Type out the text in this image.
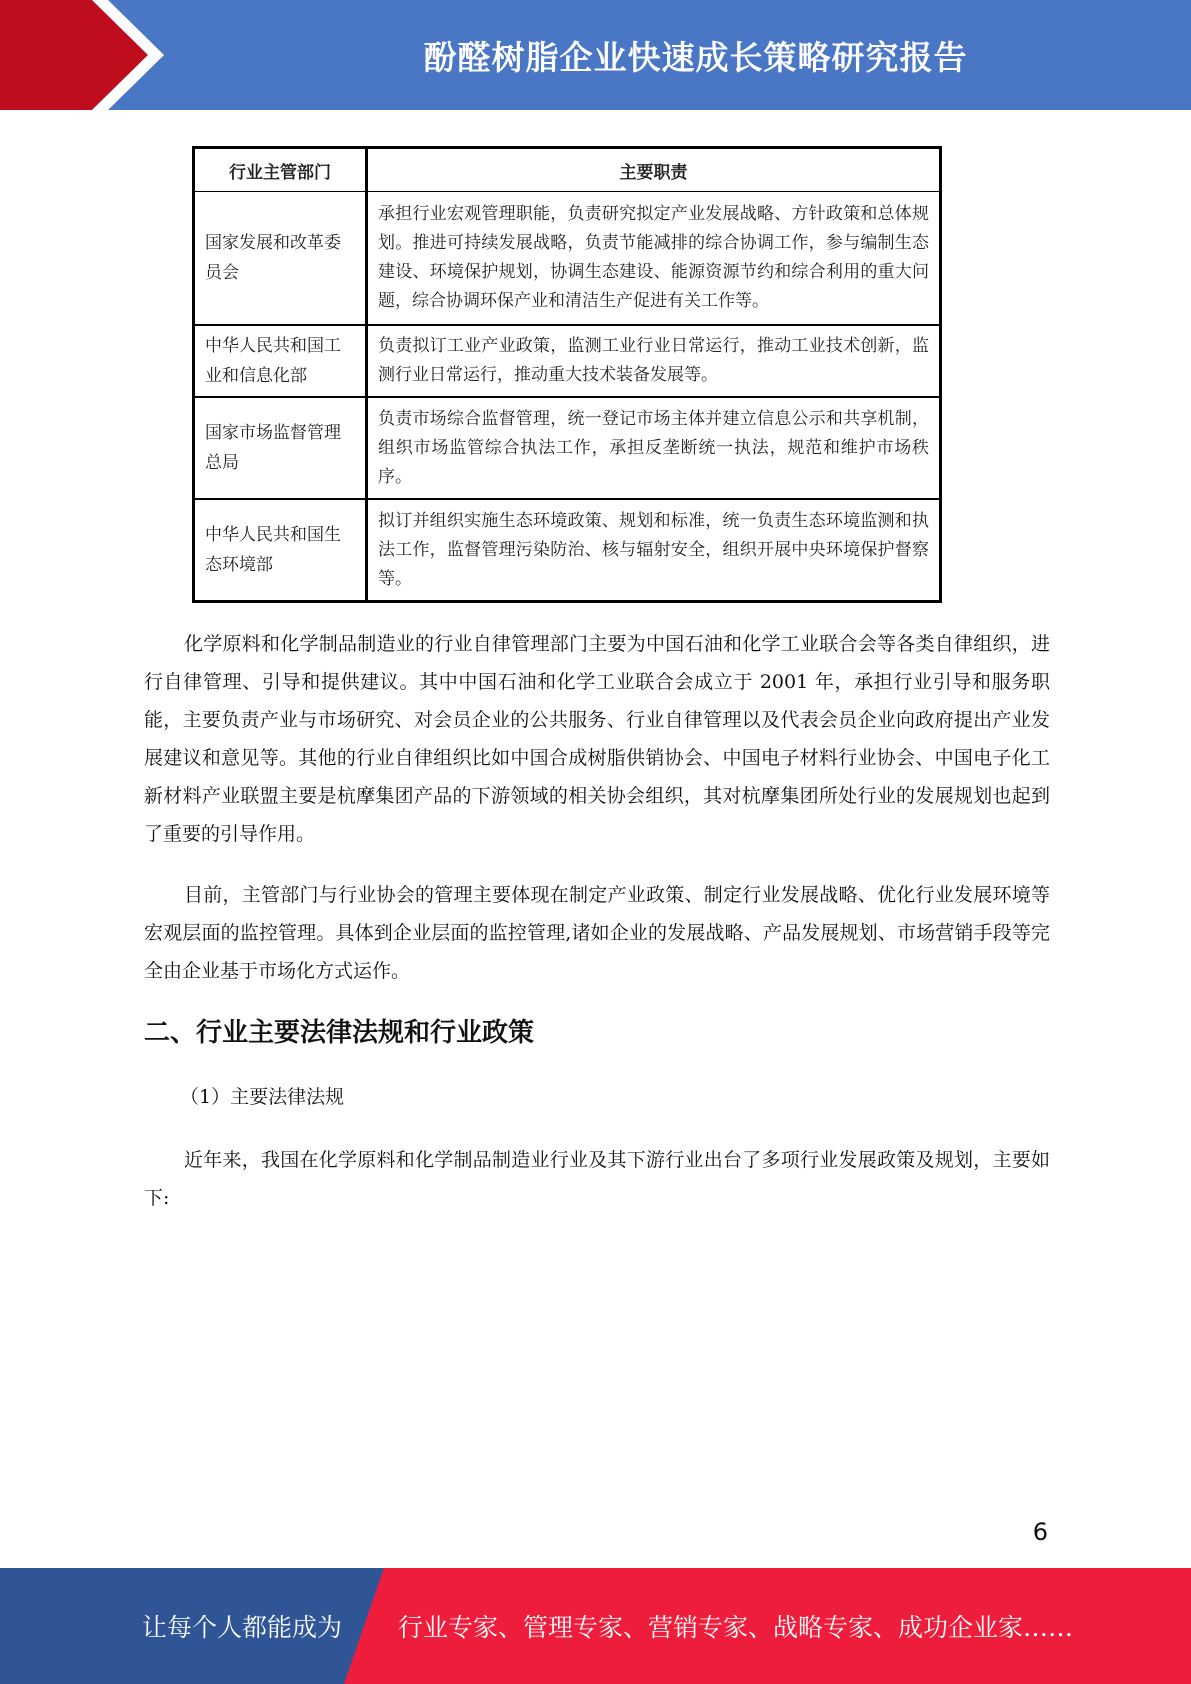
酚醛树脂企业快速成长策略研究报告
行业主管部门	主要职责
国家发展和改革委员会	承担行业宏观管理职能，负责研究拟定产业发展战略、方针政策和总体规划。推进可持续发展战略，负责节能减排的综合协调工作，参与编制生态建设、环境保护规划，协调生态建设、能源资源节约和综合利用的重大问题，综合协调环保产业和清洁生产促进有关工作等。
中华人民共和国工业和信息化部	负责拟订工业产业政策，监测工业行业日常运行，推动工业技术创新，监测行业日常运行，推动重大技术装备发展等。
国家市场监督管理总局	负责市场综合监督管理，统一登记市场主体并建立信息公示和共享机制，组织市场监管综合执法工作，承担反垄断统一执法，规范和维护市场秩序。
中华人民共和国生态环境部	拟订并组织实施生态环境政策、规划和标准，统一负责生态环境监测和执法工作，监督管理污染防治、核与辐射安全，组织开展中央环境保护督察等。

化学原料和化学制品制造业的行业自律管理部门主要为中国石油和化学工业联合会等各类自律组织，进行自律管理、引导和提供建议。其中中国石油和化学工业联合会成立于 2001 年，承担行业引导和服务职能，主要负责产业与市场研究、对会员企业的公共服务、行业自律管理以及代表会员企业向政府提出产业发展建议和意见等。其他的行业自律组织比如中国合成树脂供销协会、中国电子材料行业协会、中国电子化工新材料产业联盟主要是杭摩集团产品的下游领域的相关协会组织，其对杭摩集团所处行业的发展规划也起到了重要的引导作用。

目前，主管部门与行业协会的管理主要体现在制定产业政策、制定行业发展战略、优化行业发展环境等宏观层面的监控管理。具体到企业层面的监控管理,诸如企业的发展战略、产品发展规划、市场营销手段等完全由企业基于市场化方式运作。

二、行业主要法律法规和行业政策
（1）主要法律法规

近年来，我国在化学原料和化学制品制造业行业及其下游行业出台了多项行业发展政策及规划，主要如下:

6
让每个人都能成为 行业专家、管理专家、营销专家、战略专家、成功企业家……
